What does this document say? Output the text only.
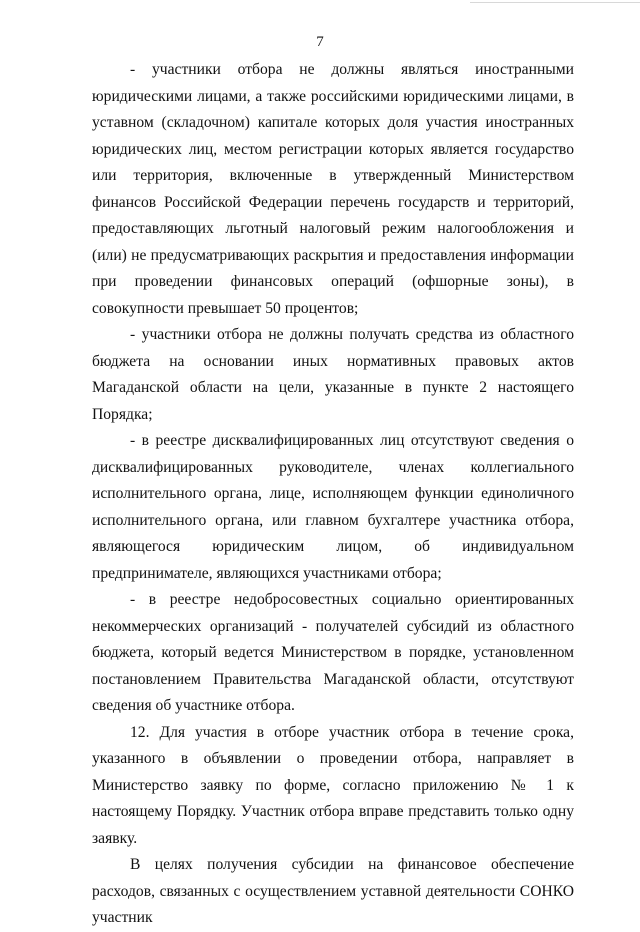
7

- участники отбора не должны являться иностранными юридическими лицами, а также российскими юридическими лицами, в уставном (складочном) капитале которых доля участия иностранных юридических лиц, местом регистрации которых является государство или территория, включенные в утвержденный Министерством финансов Российской Федерации перечень государств и территорий, предоставляющих льготный налоговый режим налогообложения и (или) не предусматривающих раскрытия и предоставления информации при проведении финансовых операций (офшорные зоны), в совокупности превышает 50 процентов;

- участники отбора не должны получать средства из областного бюджета на основании иных нормативных правовых актов Магаданской области на цели, указанные в пункте 2 настоящего Порядка;

- в реестре дисквалифицированных лиц отсутствуют сведения о дисквалифицированных руководителе, членах коллегиального исполнительного органа, лице, исполняющем функции единоличного исполнительного органа, или главном бухгалтере участника отбора, являющегося юридическим лицом, об индивидуальном предпринимателе, являющихся участниками отбора;

- в реестре недобросовестных социально ориентированных некоммерческих организаций - получателей субсидий из областного бюджета, который ведется Министерством в порядке, установленном постановлением Правительства Магаданской области, отсутствуют сведения об участнике отбора.

12. Для участия в отборе участник отбора в течение срока, указанного в объявлении о проведении отбора, направляет в Министерство заявку по форме, согласно приложению № 1 к настоящему Порядку. Участник отбора вправе представить только одну заявку.

В целях получения субсидии на финансовое обеспечение расходов, связанных с осуществлением уставной деятельности СОНКО участник
